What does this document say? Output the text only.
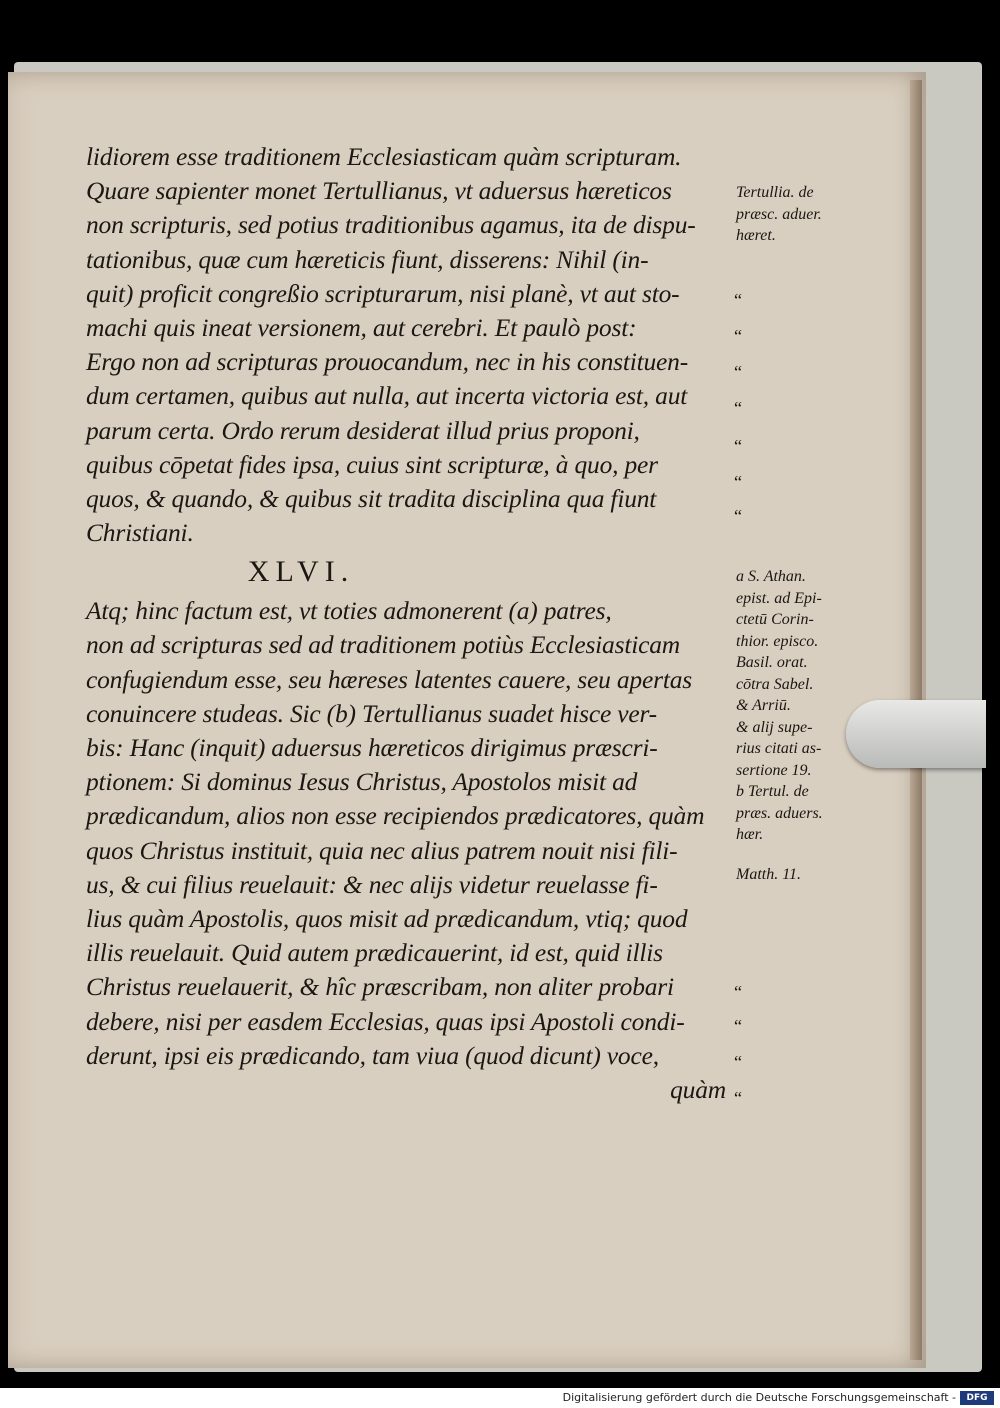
lidiorem esse traditionem Ecclesiasticam quàm scripturam.
Quare sapienter monet Tertullianus, vt aduersus hæreticos
non scripturis, sed potius traditionibus agamus, ita de dispu-
tationibus, quæ cum hæreticis fiunt, disserens: Nihil (in-
quit) proficit congreßio scripturarum, nisi planè, vt aut sto-
machi quis ineat versionem, aut cerebri. Et paulò post:
Ergo non ad scripturas prouocandum, nec in his constituen-
dum certamen, quibus aut nulla, aut incerta victoria est, aut
parum certa. Ordo rerum desiderat illud prius proponi,
quibus cōpetat fides ipsa, cuius sint scripturæ, à quo, per
quos, & quando, & quibus sit tradita disciplina qua fiunt
Christiani.
XLVI.
Atq; hinc factum est, vt toties admonerent (a) patres,
non ad scripturas sed ad traditionem potiùs Ecclesiasticam
confugiendum esse, seu hæreses latentes cauere, seu apertas
conuincere studeas. Sic (b) Tertullianus suadet hisce ver-
bis: Hanc (inquit) aduersus hæreticos dirigimus præscri-
ptionem: Si dominus Iesus Christus, Apostolos misit ad
prædicandum, alios non esse recipiendos prædicatores, quàm
quos Christus instituit, quia nec alius patrem nouit nisi fili-
us, & cui filius reuelauit: & nec alijs videtur reuelasse fi-
lius quàm Apostolis, quos misit ad prædicandum, vtiq; quod
illis reuelauit. Quid autem prædicauerint, id est, quid illis
Christus reuelauerit, & hîc præscribam, non aliter probari
debere, nisi per easdem Ecclesias, quas ipsi Apostoli condi-
derunt, ipsi eis prædicando, tam viua (quod dicunt) voce,
quàm
Tertullia. de
præsc. aduer.
hæret.
a S. Athan.
epist. ad Epi-
ctetū Corin-
thior. episco.
Basil. orat.
cōtra Sabel.
& Arriū.
& alij supe-
rius citati as-
sertione 19.
b Tertul. de
præs. aduers.
hær.
Matth. 11.
“
“
“
“
“
“
“
“
“
“
“
Digitalisierung gefördert durch die Deutsche Forschungsgemeinschaft -	DFG
